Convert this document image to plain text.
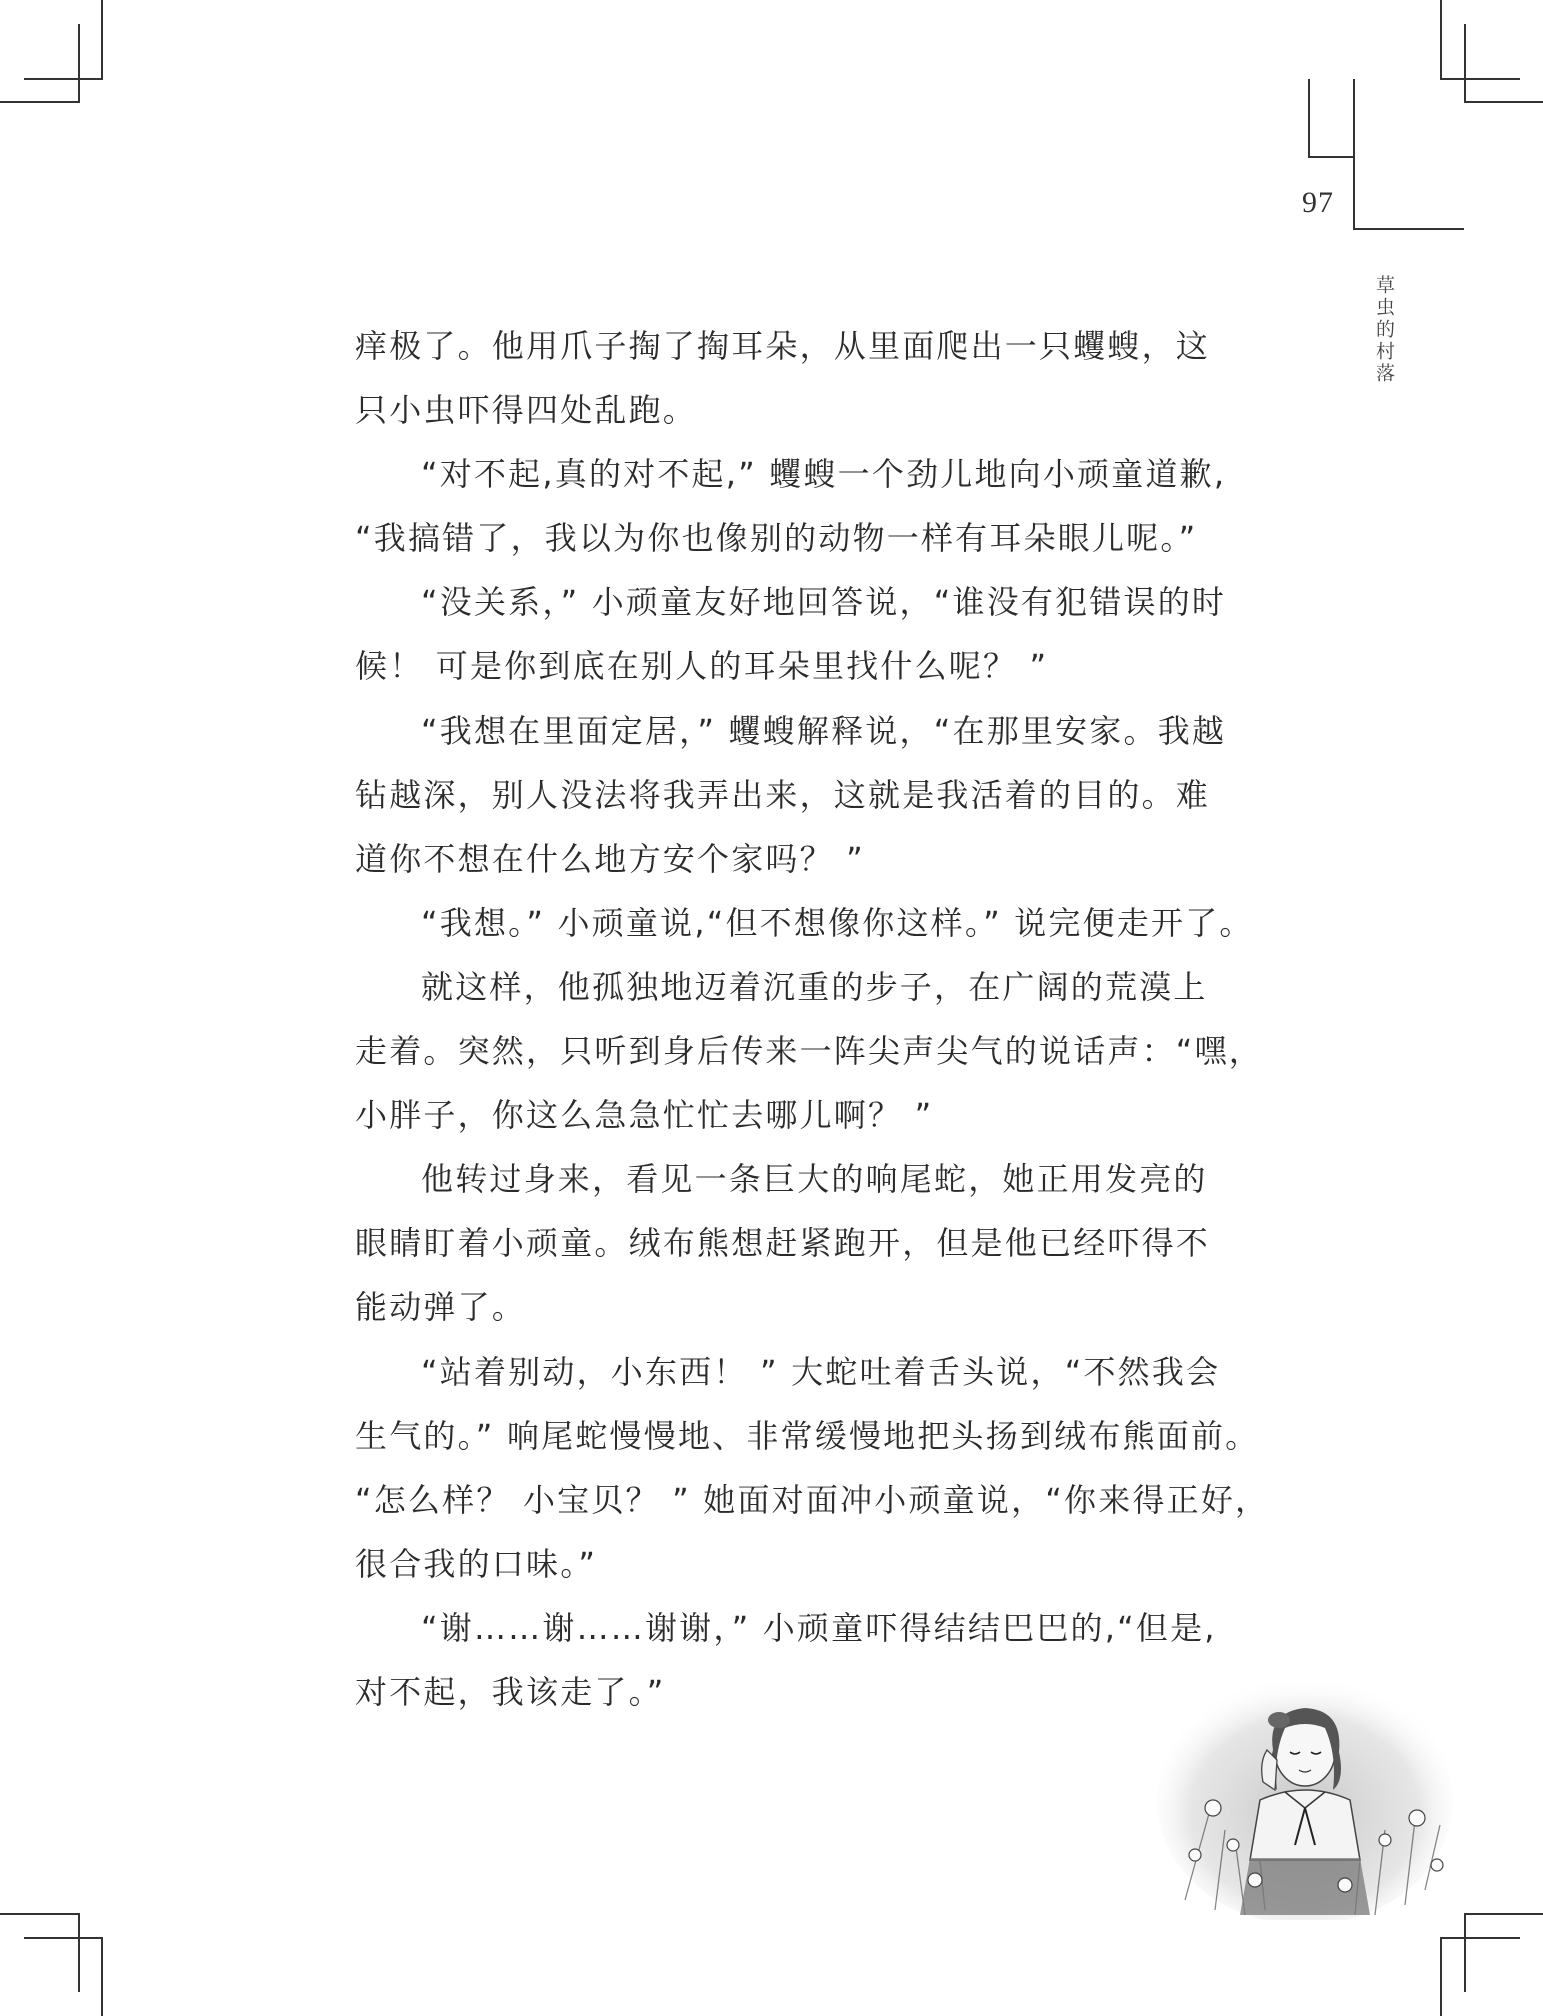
97
草虫的村落
痒极了。他用爪子掏了掏耳朵，从里面爬出一只蠼螋，这
只小虫吓得四处乱跑。
“对不起,真的对不起,” 蠼螋一个劲儿地向小顽童道歉,
“我搞错了，我以为你也像别的动物一样有耳朵眼儿呢。”
“没关系，” 小顽童友好地回答说，“谁没有犯错误的时
候！ 可是你到底在别人的耳朵里找什么呢？ ”
“我想在里面定居，” 蠼螋解释说，“在那里安家。我越
钻越深，别人没法将我弄出来，这就是我活着的目的。难
道你不想在什么地方安个家吗？ ”
“我想。” 小顽童说,“但不想像你这样。” 说完便走开了。
就这样，他孤独地迈着沉重的步子，在广阔的荒漠上
走着。突然，只听到身后传来一阵尖声尖气的说话声：“嘿，
小胖子，你这么急急忙忙去哪儿啊？ ”
他转过身来，看见一条巨大的响尾蛇，她正用发亮的
眼睛盯着小顽童。绒布熊想赶紧跑开，但是他已经吓得不
能动弹了。
“站着别动，小东西！ ” 大蛇吐着舌头说，“不然我会
生气的。” 响尾蛇慢慢地、非常缓慢地把头扬到绒布熊面前。
“怎么样？ 小宝贝？ ” 她面对面冲小顽童说，“你来得正好，
很合我的口味。”
“谢……谢……谢谢，” 小顽童吓得结结巴巴的,“但是,
对不起，我该走了。”
